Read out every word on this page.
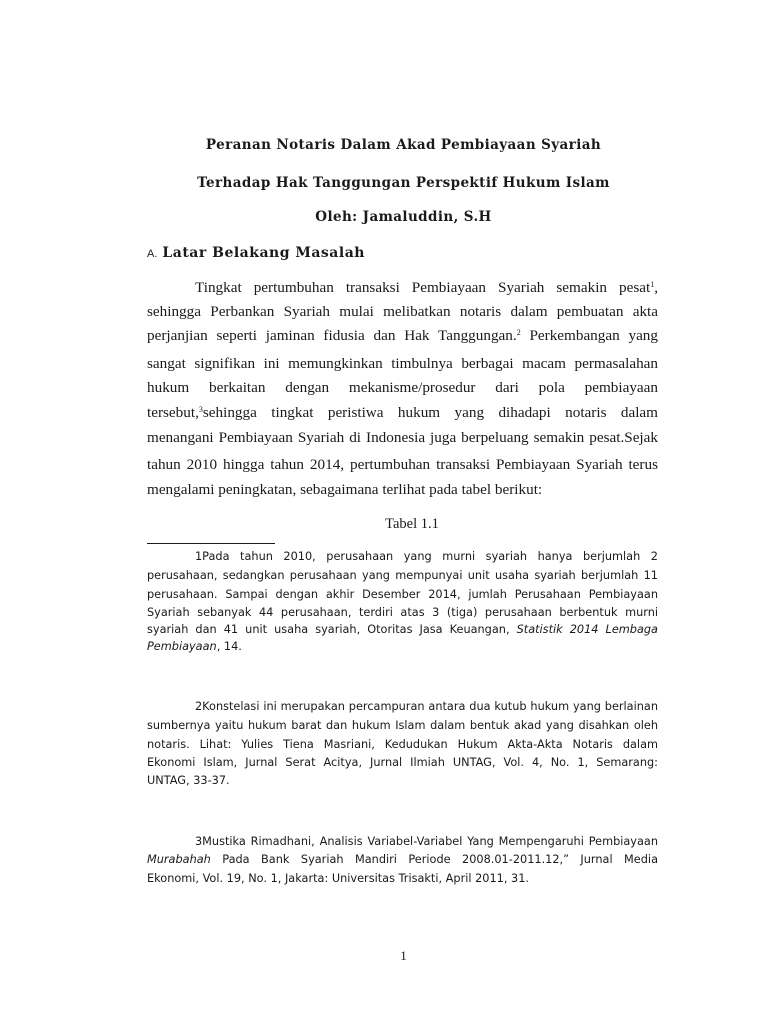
Peranan Notaris Dalam Akad Pembiayaan Syariah

Terhadap Hak Tanggungan Perspektif Hukum Islam

Oleh: Jamaluddin, S.H

A. Latar Belakang Masalah

Tingkat pertumbuhan transaksi Pembiayaan Syariah semakin pesat$^1$,

sehingga Perbankan Syariah mulai melibatkan notaris dalam pembuatan akta

perjanjian seperti jaminan fidusia dan Hak Tanggungan.$^2$ Perkembangan yang

sangat signifikan ini memungkinkan timbulnya berbagai macam permasalahan

hukum berkaitan dengan mekanisme/prosedur dari pola pembiayaan

tersebut,$^3$sehingga tingkat peristiwa hukum yang dihadapi notaris dalam

menangani Pembiayaan Syariah di Indonesia juga berpeluang semakin pesat.Sejak

tahun 2010 hingga tahun 2014, pertumbuhan transaksi Pembiayaan Syariah terus

mengalami peningkatan, sebagaimana terlihat pada tabel berikut:

Tabel 1.1

1Pada tahun 2010, perusahaan yang murni syariah hanya berjumlah 2

perusahaan, sedangkan perusahaan yang mempunyai unit usaha syariah berjumlah 11

perusahaan. Sampai dengan akhir Desember 2014, jumlah Perusahaan Pembiayaan

Syariah sebanyak 44 perusahaan, terdiri atas 3 (tiga) perusahaan berbentuk murni

syariah dan 41 unit usaha syariah, Otoritas Jasa Keuangan, Statistik 2014 Lembaga

Pembiayaan, 14.

2Konstelasi ini merupakan percampuran antara dua kutub hukum yang berlainan

sumbernya yaitu hukum barat dan hukum Islam dalam bentuk akad yang disahkan oleh

notaris. Lihat: Yulies Tiena Masriani, Kedudukan Hukum Akta-Akta Notaris dalam

Ekonomi Islam, Jurnal Serat Acitya, Jurnal Ilmiah UNTAG, Vol. 4, No. 1, Semarang:

UNTAG, 33-37.

3Mustika Rimadhani, Analisis Variabel-Variabel Yang Mempengaruhi Pembiayaan

Murabahah Pada Bank Syariah Mandiri Periode 2008.01-2011.12,” Jurnal Media

Ekonomi, Vol. 19, No. 1, Jakarta: Universitas Trisakti, April 2011, 31.

1
